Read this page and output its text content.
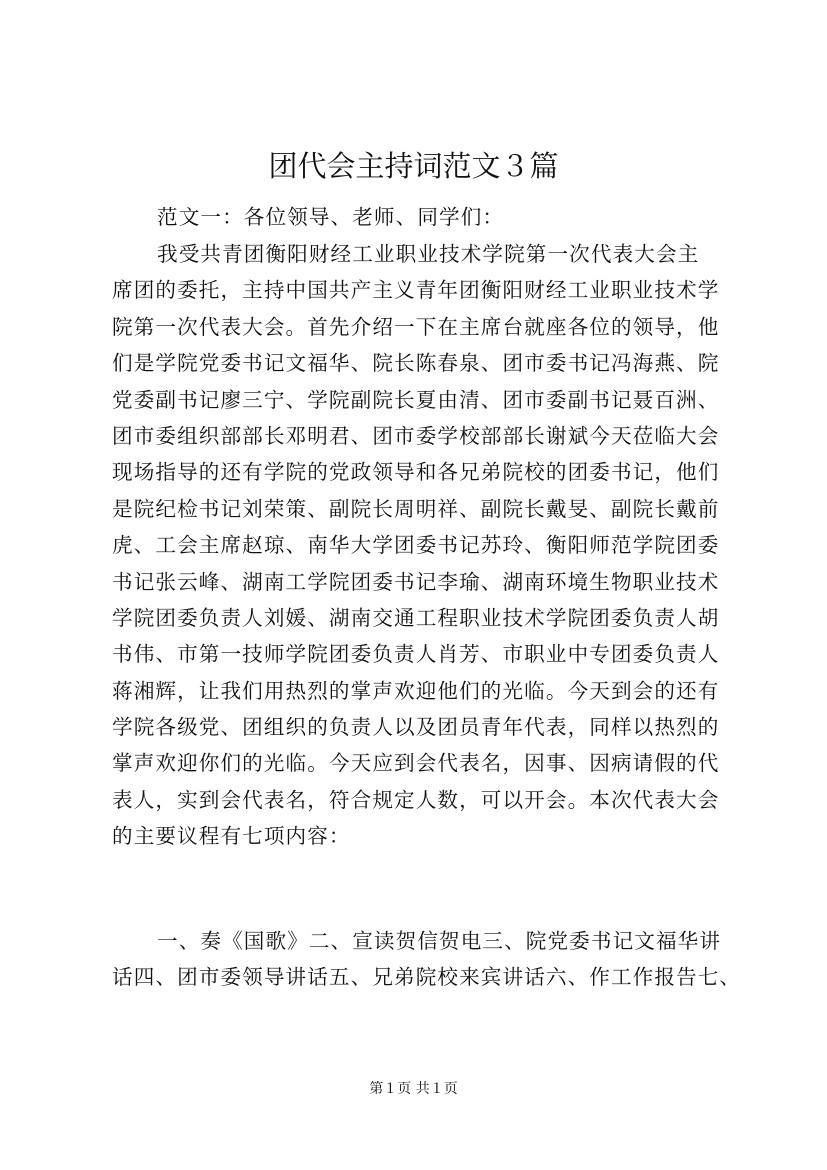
团代会主持词范文３篇
范文一：各位领导、老师、同学们：
我受共青团衡阳财经工业职业技术学院第一次代表大会主
席团的委托，主持中国共产主义青年团衡阳财经工业职业技术学
院第一次代表大会。首先介绍一下在主席台就座各位的领导，他
们是学院党委书记文福华、院长陈春泉、团市委书记冯海燕、院
党委副书记廖三宁、学院副院长夏由清、团市委副书记聂百洲、
团市委组织部部长邓明君、团市委学校部部长谢斌今天莅临大会
现场指导的还有学院的党政领导和各兄弟院校的团委书记，他们
是院纪检书记刘荣策、副院长周明祥、副院长戴旻、副院长戴前
虎、工会主席赵琼、南华大学团委书记苏玲、衡阳师范学院团委
书记张云峰、湖南工学院团委书记李瑜、湖南环境生物职业技术
学院团委负责人刘媛、湖南交通工程职业技术学院团委负责人胡
书伟、市第一技师学院团委负责人肖芳、市职业中专团委负责人
蒋湘辉，让我们用热烈的掌声欢迎他们的光临。今天到会的还有
学院各级党、团组织的负责人以及团员青年代表，同样以热烈的
掌声欢迎你们的光临。今天应到会代表名，因事、因病请假的代
表人，实到会代表名，符合规定人数，可以开会。本次代表大会
的主要议程有七项内容：
一、奏《国歌》二、宣读贺信贺电三、院党委书记文福华讲
话四、团市委领导讲话五、兄弟院校来宾讲话六、作工作报告七、
第１页 共１页
